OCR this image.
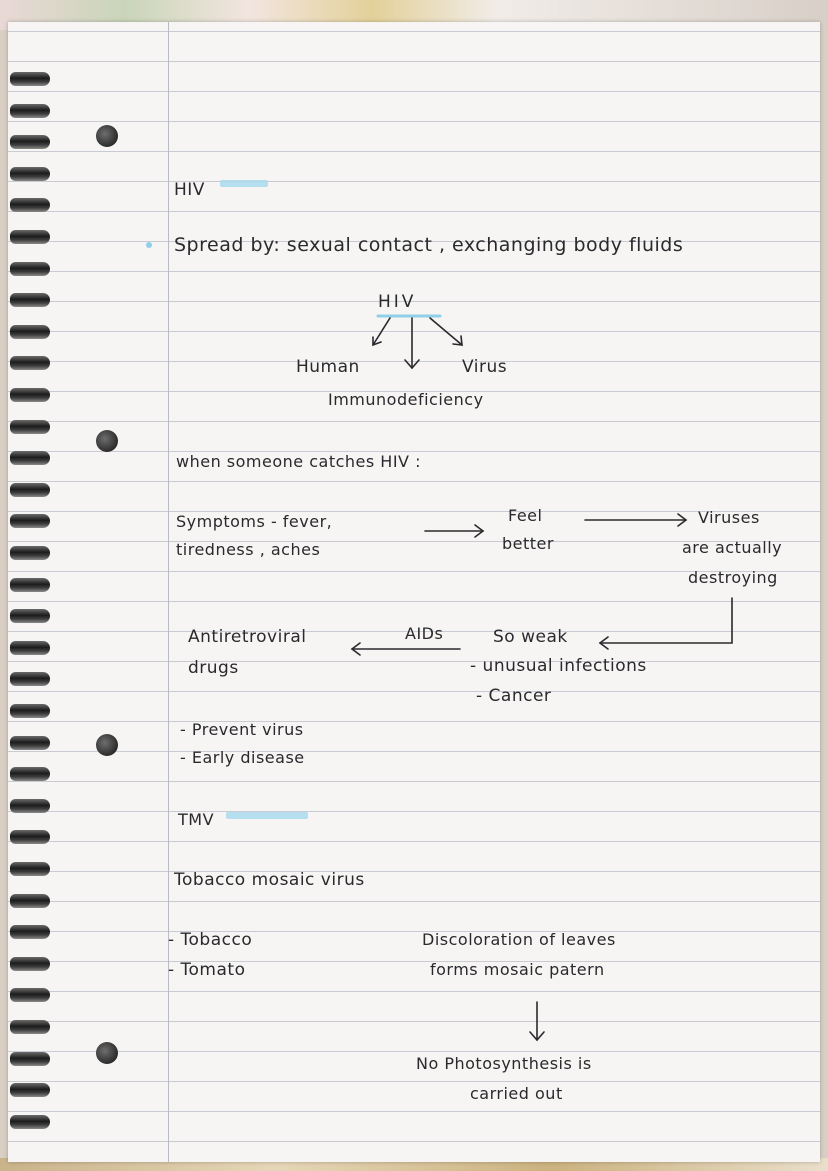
HIV
Spread by: sexual contact , exchanging body fluids
HIV
Human	Virus
Immunodeficiency
when someone catches HIV :
Symptoms - fever,
tiredness , aches
Feel
better
Viruses
are actually
destroying
Antiretroviral
drugs
AIDs	So weak
- unusual infections
- Cancer
- Prevent virus
- Early disease
TMV
Tobacco mosaic virus
- Tobacco
- Tomato
Discoloration of leaves
forms mosaic patern
No Photosynthesis is
carried out
